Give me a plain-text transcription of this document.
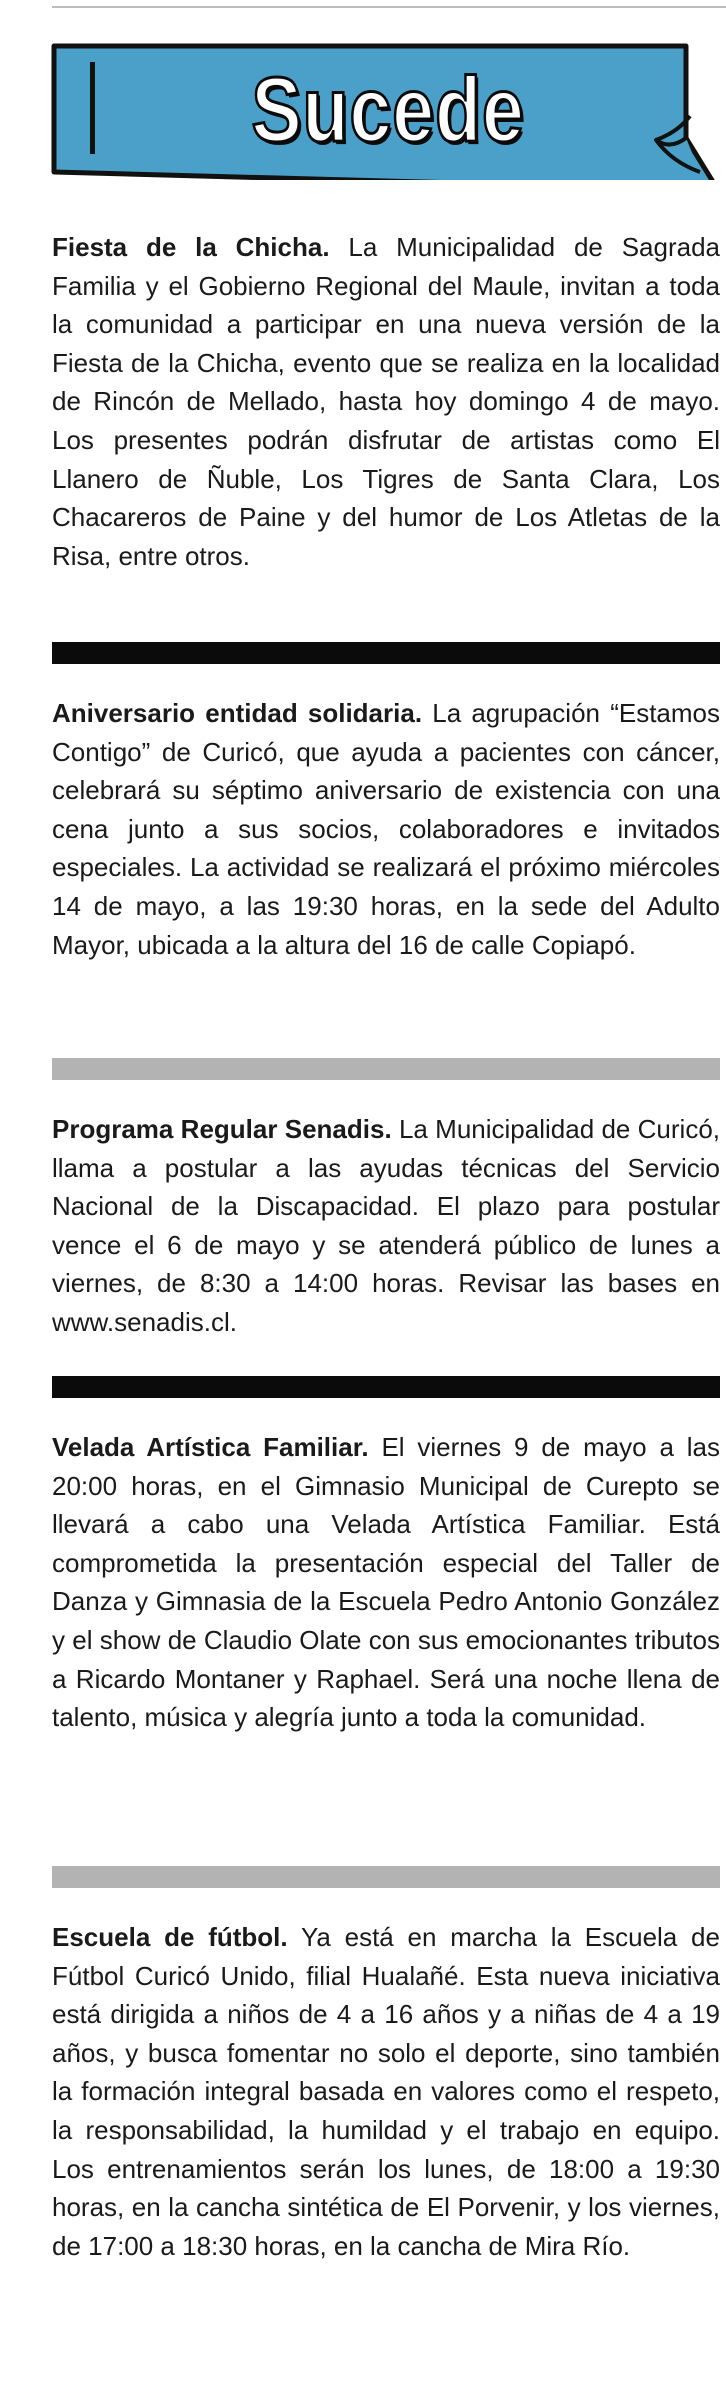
Sucede

Fiesta de la Chicha. La Municipalidad de Sagrada Familia y el Gobierno Regional del Maule, invitan a toda la comunidad a participar en una nueva versión de la Fiesta de la Chicha, evento que se realiza en la localidad de Rincón de Mellado, hasta hoy domingo 4 de mayo. Los presentes podrán disfrutar de artistas como El Llanero de Ñuble, Los Tigres de Santa Clara, Los Chacareros de Paine y del humor de Los Atletas de la Risa, entre otros.

Aniversario entidad solidaria. La agrupación “Estamos Contigo” de Curicó, que ayuda a pacientes con cáncer, celebrará su séptimo aniversario de existencia con una cena junto a sus socios, colaboradores e invitados especiales. La actividad se realizará el próximo miércoles 14 de mayo, a las 19:30 horas, en la sede del Adulto Mayor, ubicada a la altura del 16 de calle Copiapó.

Programa Regular Senadis. La Municipalidad de Curicó, llama a postular a las ayudas técnicas del Servicio Nacional de la Discapacidad. El plazo para postular vence el 6 de mayo y se atenderá público de lunes a viernes, de 8:30 a 14:00 horas. Revisar las bases en www.senadis.cl.

Velada Artística Familiar. El viernes 9 de mayo a las 20:00 horas, en el Gimnasio Municipal de Curepto se llevará a cabo una Velada Artística Familiar. Está comprometida la presentación especial del Taller de Danza y Gimnasia de la Escuela Pedro Antonio González y el show de Claudio Olate con sus emocionantes tributos a Ricardo Montaner y Raphael. Será una noche llena de talento, música y alegría junto a toda la comunidad.

Escuela de fútbol. Ya está en marcha la Escuela de Fútbol Curicó Unido, filial Hualañé. Esta nueva iniciativa está dirigida a niños de 4 a 16 años y a niñas de 4 a 19 años, y busca fomentar no solo el deporte, sino también la formación integral basada en valores como el respeto, la responsabilidad, la humildad y el trabajo en equipo. Los entrenamientos serán los lunes, de 18:00 a 19:30 horas, en la cancha sintética de El Porvenir, y los viernes, de 17:00 a 18:30 horas, en la cancha de Mira Río.
